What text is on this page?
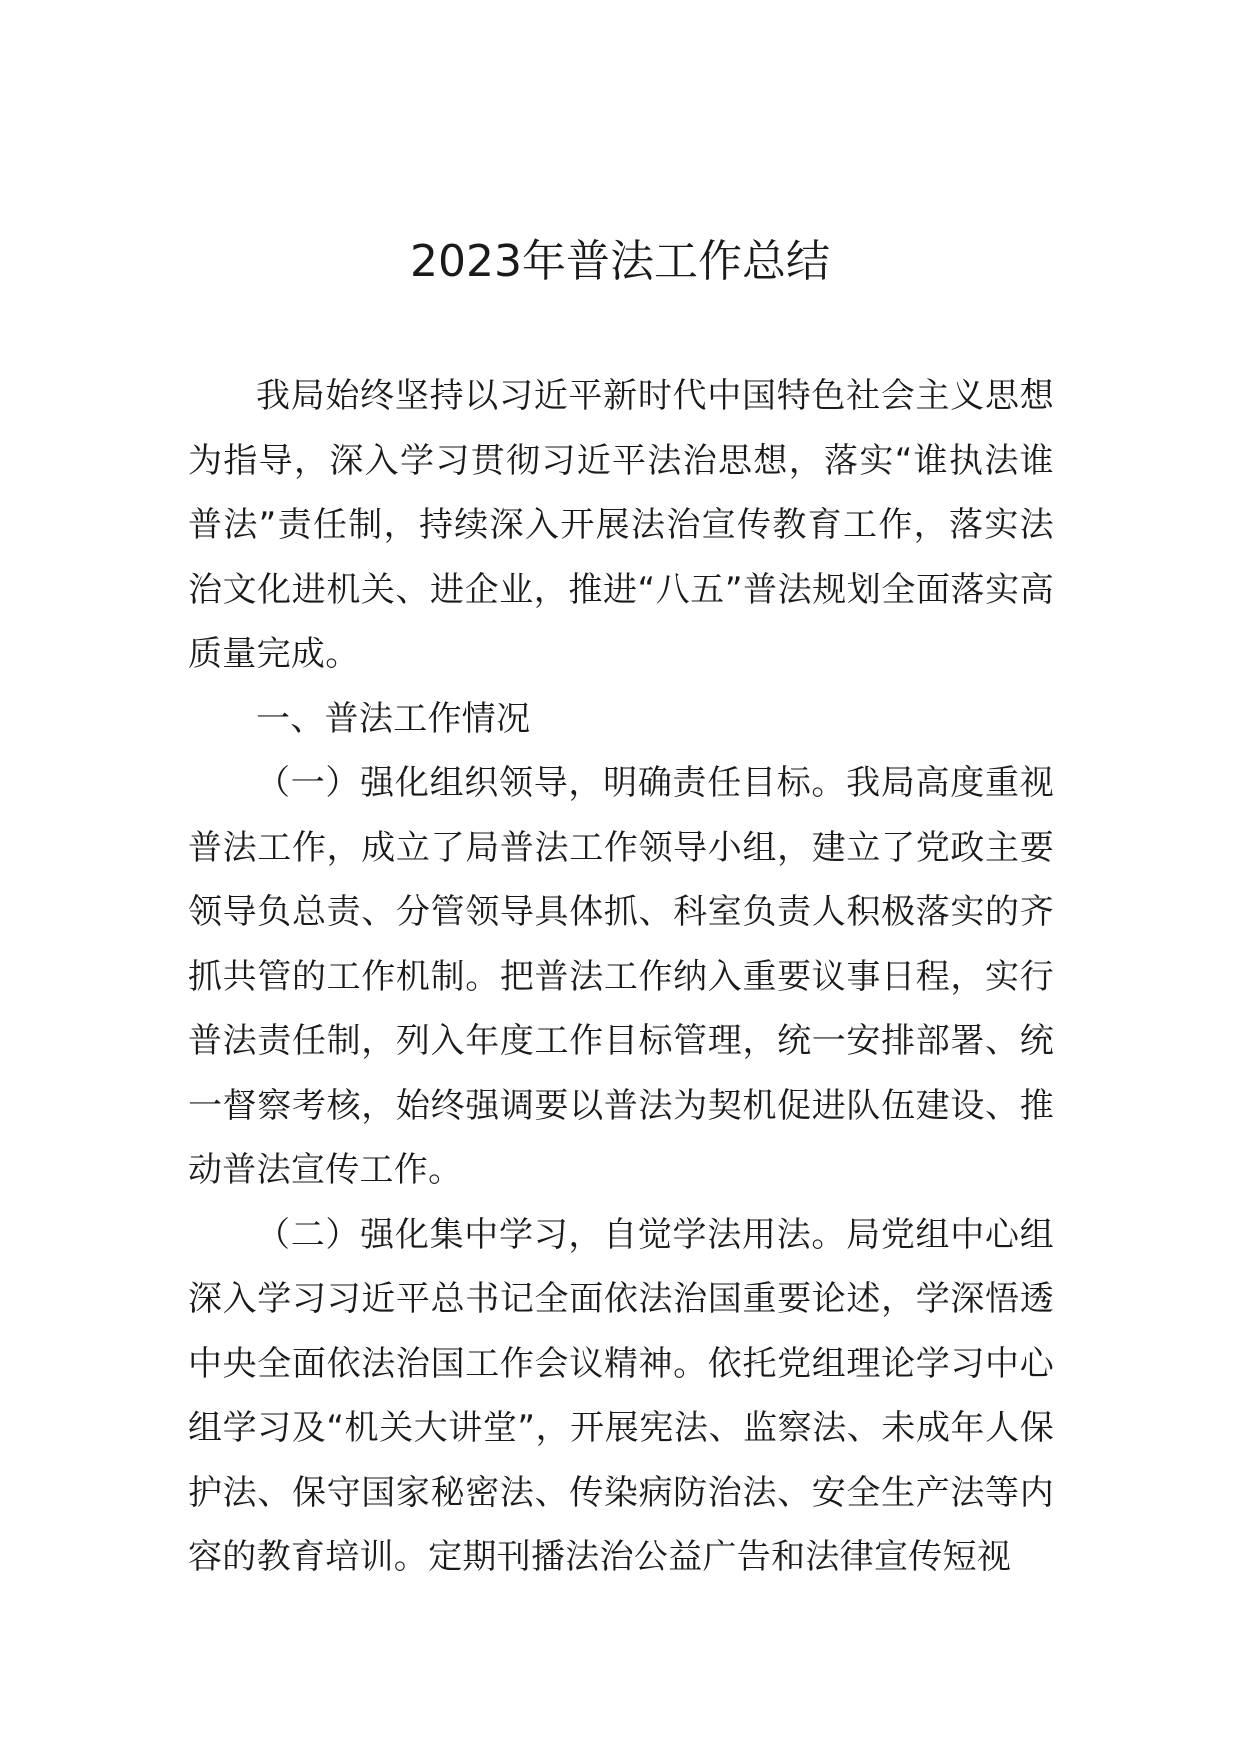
2023年普法工作总结

我局始终坚持以习近平新时代中国特色社会主义思想为指导，深入学习贯彻习近平法治思想，落实“谁执法谁普法”责任制，持续深入开展法治宣传教育工作，落实法治文化进机关、进企业，推进“八五”普法规划全面落实高质量完成。

一、普法工作情况

（一）强化组织领导，明确责任目标。我局高度重视普法工作，成立了局普法工作领导小组，建立了党政主要领导负总责、分管领导具体抓、科室负责人积极落实的齐抓共管的工作机制。把普法工作纳入重要议事日程，实行普法责任制，列入年度工作目标管理，统一安排部署、统一督察考核，始终强调要以普法为契机促进队伍建设、推动普法宣传工作。

（二）强化集中学习，自觉学法用法。局党组中心组深入学习习近平总书记全面依法治国重要论述，学深悟透中央全面依法治国工作会议精神。依托党组理论学习中心组学习及“机关大讲堂”，开展宪法、监察法、未成年人保护法、保守国家秘密法、传染病防治法、安全生产法等内容的教育培训。定期刊播法治公益广告和法律宣传短视
